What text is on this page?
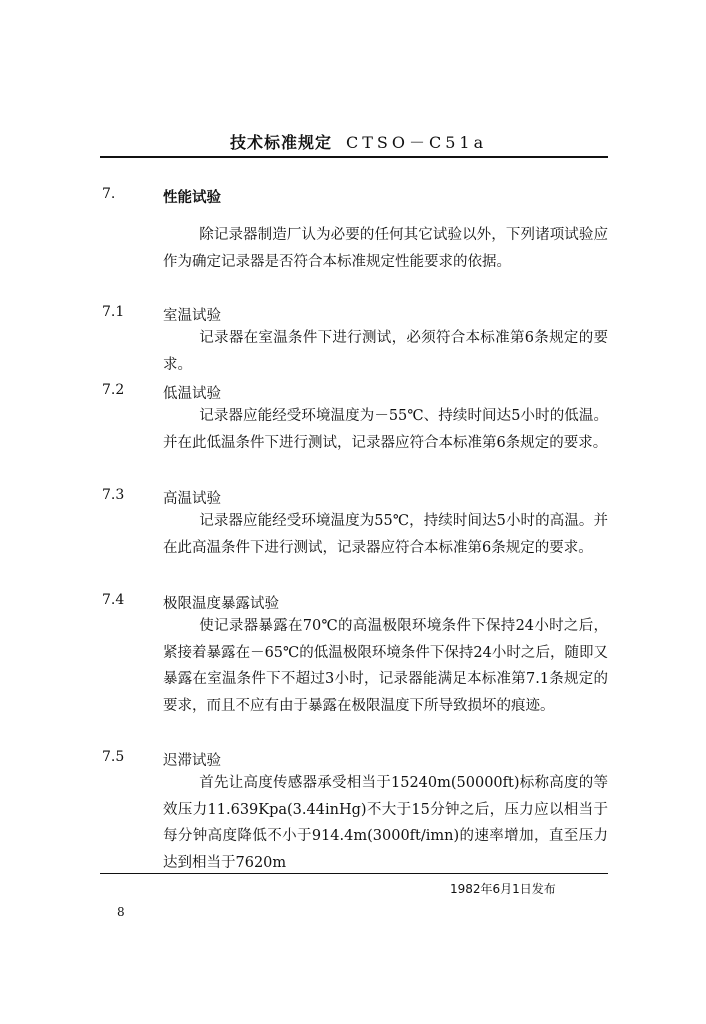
技术标准规定 CTSO－C51a
7.	性能试验

除记录器制造厂认为必要的任何其它试验以外，下列诸项试验应作为确定记录器是否符合本标准规定性能要求的依据。

7.1	室温试验

记录器在室温条件下进行测试，必须符合本标准第6条规定的要求。

7.2	低温试验

记录器应能经受环境温度为－55℃、持续时间达5小时的低温。并在此低温条件下进行测试，记录器应符合本标准第6条规定的要求。

7.3	高温试验

记录器应能经受环境温度为55℃，持续时间达5小时的高温。并在此高温条件下进行测试，记录器应符合本标准第6条规定的要求。

7.4	极限温度暴露试验

使记录器暴露在70℃的高温极限环境条件下保持24小时之后，紧接着暴露在－65℃的低温极限环境条件下保持24小时之后，随即又暴露在室温条件下不超过3小时，记录器能满足本标准第7.1条规定的要求，而且不应有由于暴露在极限温度下所导致损坏的痕迹。

7.5	迟滞试验

首先让高度传感器承受相当于15240m(50000ft)标称高度的等效压力11.639Kpa(3.44inHg)不大于15分钟之后，压力应以相当于每分钟高度降低不小于914.4m(3000ft/imn)的速率增加，直至压力达到相当于7620m

1982年6月1日发布
8
